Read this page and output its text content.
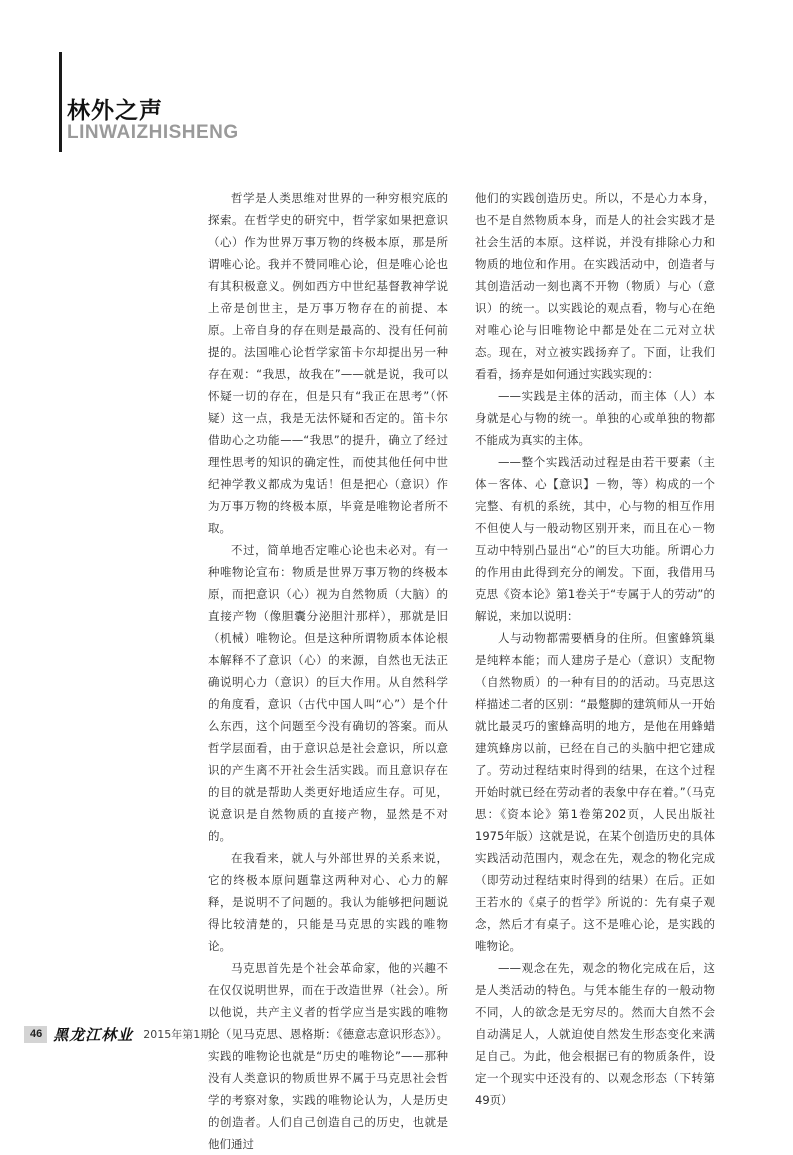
林外之声
LINWAIZHISHENG

哲学是人类思维对世界的一种穷根究底的探索。在哲学史的研究中，哲学家如果把意识（心）作为世界万事万物的终极本原，那是所谓唯心论。我并不赞同唯心论，但是唯心论也有其积极意义。例如西方中世纪基督教神学说上帝是创世主，是万事万物存在的前提、本原。上帝自身的存在则是最高的、没有任何前提的。法国唯心论哲学家笛卡尔却提出另一种存在观：“我思，故我在”——就是说，我可以怀疑一切的存在，但是只有“我正在思考”（怀疑）这一点，我是无法怀疑和否定的。笛卡尔借助心之功能——“我思”的提升，确立了经过理性思考的知识的确定性，而使其他任何中世纪神学教义都成为鬼话！但是把心（意识）作为万事万物的终极本原，毕竟是唯物论者所不取。

不过，简单地否定唯心论也未必对。有一种唯物论宣布：物质是世界万事万物的终极本原，而把意识（心）视为自然物质（大脑）的直接产物（像胆囊分泌胆汁那样），那就是旧（机械）唯物论。但是这种所谓物质本体论根本解释不了意识（心）的来源，自然也无法正确说明心力（意识）的巨大作用。从自然科学的角度看，意识（古代中国人叫“心”）是个什么东西，这个问题至今没有确切的答案。而从哲学层面看，由于意识总是社会意识，所以意识的产生离不开社会生活实践。而且意识存在的目的就是帮助人类更好地适应生存。可见，说意识是自然物质的直接产物，显然是不对的。

在我看来，就人与外部世界的关系来说，它的终极本原问题靠这两种对心、心力的解释，是说明不了问题的。我认为能够把问题说得比较清楚的，只能是马克思的实践的唯物论。

马克思首先是个社会革命家，他的兴趣不在仅仅说明世界，而在于改造世界（社会）。所以他说，共产主义者的哲学应当是实践的唯物论（见马克思、恩格斯：《德意志意识形态》）。实践的唯物论也就是“历史的唯物论”——那种没有人类意识的物质世界不属于马克思社会哲学的考察对象，实践的唯物论认为，人是历史的创造者。人们自己创造自己的历史，也就是他们通过

他们的实践创造历史。所以，不是心力本身，也不是自然物质本身，而是人的社会实践才是社会生活的本原。这样说，并没有排除心力和物质的地位和作用。在实践活动中，创造者与其创造活动一刻也离不开物（物质）与心（意识）的统一。以实践论的观点看，物与心在绝对唯心论与旧唯物论中都是处在二元对立状态。现在，对立被实践扬弃了。下面，让我们看看，扬弃是如何通过实践实现的：

——实践是主体的活动，而主体（人）本身就是心与物的统一。单独的心或单独的物都不能成为真实的主体。

——整个实践活动过程是由若干要素（主体－客体、心【意识】－物，等）构成的一个完整、有机的系统，其中，心与物的相互作用不但使人与一般动物区别开来，而且在心－物互动中特别凸显出“心”的巨大功能。所谓心力的作用由此得到充分的阐发。下面，我借用马克思《资本论》第1卷关于“专属于人的劳动”的解说，来加以说明：

人与动物都需要栖身的住所。但蜜蜂筑巢是纯粹本能；而人建房子是心（意识）支配物（自然物质）的一种有目的的活动。马克思这样描述二者的区别：“最蹩脚的建筑师从一开始就比最灵巧的蜜蜂高明的地方，是他在用蜂蜡建筑蜂房以前，已经在自己的头脑中把它建成了。劳动过程结束时得到的结果，在这个过程开始时就已经在劳动者的表象中存在着。”（马克思：《资本论》第1卷第202页，人民出版社1975年版）这就是说，在某个创造历史的具体实践活动范围内，观念在先，观念的物化完成（即劳动过程结束时得到的结果）在后。正如王若水的《桌子的哲学》所说的：先有桌子观念，然后才有桌子。这不是唯心论，是实践的唯物论。

——观念在先，观念的物化完成在后，这是人类活动的特色。与凭本能生存的一般动物不同，人的欲念是无穷尽的。然而大自然不会自动满足人，人就迫使自然发生形态变化来满足自己。为此，他会根据已有的物质条件，设定一个现实中还没有的、以观念形态（下转第49页）

46 黑龙江林业 2015年第1期
